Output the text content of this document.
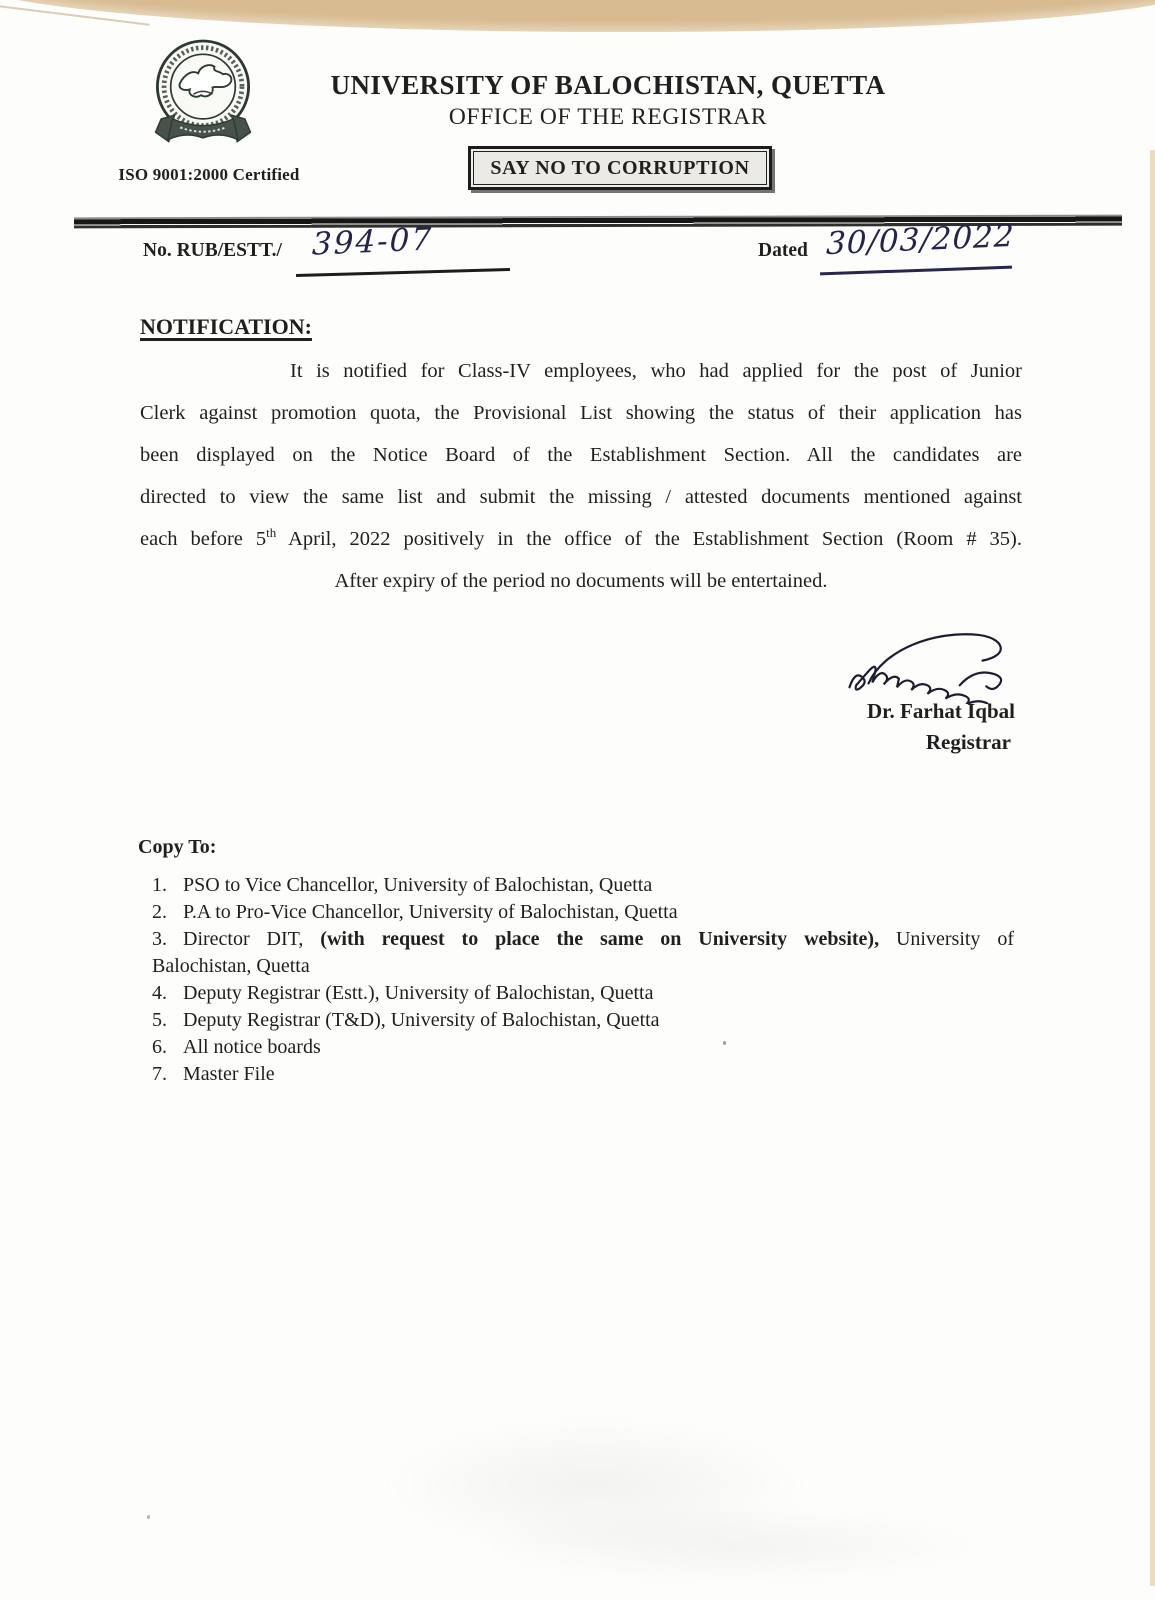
ISO 9001:2000 Certified
UNIVERSITY OF BALOCHISTAN, QUETTA
OFFICE OF THE REGISTRAR
SAY NO TO CORRUPTION
No. RUB/ESTT./ 394-07	Dated 30/03/2022
NOTIFICATION:
It is notified for Class-IV employees, who had applied for the post of Junior
Clerk against promotion quota, the Provisional List showing the status of their application has
been displayed on the Notice Board of the Establishment Section. All the candidates are
directed to view the same list and submit the missing / attested documents mentioned against
each before 5th April, 2022 positively in the office of the Establishment Section (Room # 35).
After expiry of the period no documents will be entertained.
Dr. Farhat Iqbal
Registrar
Copy To:
1. PSO to Vice Chancellor, University of Balochistan, Quetta
2. P.A to Pro-Vice Chancellor, University of Balochistan, Quetta
3. Director DIT, (with request to place the same on University website), University of
Balochistan, Quetta
4. Deputy Registrar (Estt.), University of Balochistan, Quetta
5. Deputy Registrar (T&D), University of Balochistan, Quetta
6. All notice boards
7. Master File
